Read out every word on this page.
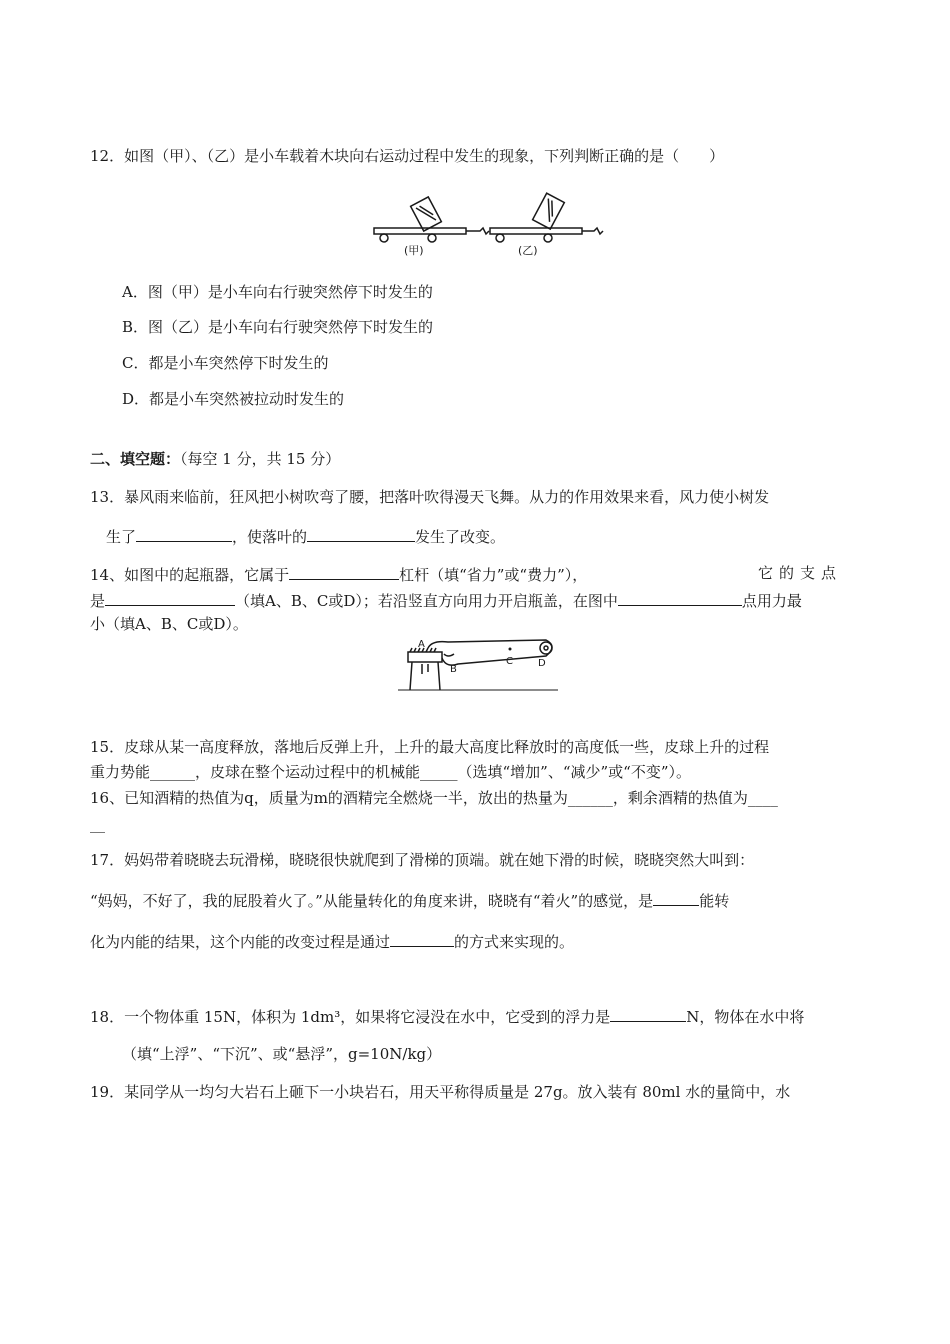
12．如图（甲）、（乙）是小车载着木块向右运动过程中发生的现象，下列判断正确的是（　　）
(甲)	(乙)
A．图（甲）是小车向右行驶突然停下时发生的
B．图（乙）是小车向右行驶突然停下时发生的
C．都是小车突然停下时发生的
D．都是小车突然被拉动时发生的
二、填空题：（每空 1 分，共 15 分）
13．暴风雨来临前，狂风把小树吹弯了腰，把落叶吹得漫天飞舞。从力的作用效果来看，风力使小树发
生了	，使落叶的	发生了改变。
14、如图中的起瓶器，它属于	杠杆（填“省力”或“费力”），	它的支点
是	（填A、B、C或D）；若沿竖直方向用力开启瓶盖，在图中	点用力最
小（填A、B、C或D）。
A
B
C	D
15．皮球从某一高度释放，落地后反弹上升，上升的最大高度比释放时的高度低一些，皮球上升的过程
重力势能______，皮球在整个运动过程中的机械能_____（选填“增加”、“减少”或“不变”）。
16、已知酒精的热值为q，质量为m的酒精完全燃烧一半，放出的热量为______，剩余酒精的热值为____
__
17．妈妈带着晓晓去玩滑梯，晓晓很快就爬到了滑梯的顶端。就在她下滑的时候，晓晓突然大叫到：
“妈妈，不好了，我的屁股着火了。”从能量转化的角度来讲，晓晓有“着火”的感觉，是	能转
化为内能的结果，这个内能的改变过程是通过	的方式来实现的。
18．一个物体重 15N，体积为 1dm³，如果将它浸没在水中，它受到的浮力是	N，物体在水中将
（填“上浮”、“下沉”、或“悬浮”，g=10N/kg）
19．某同学从一均匀大岩石上砸下一小块岩石，用天平称得质量是 27g。放入装有 80ml 水的量筒中，水
